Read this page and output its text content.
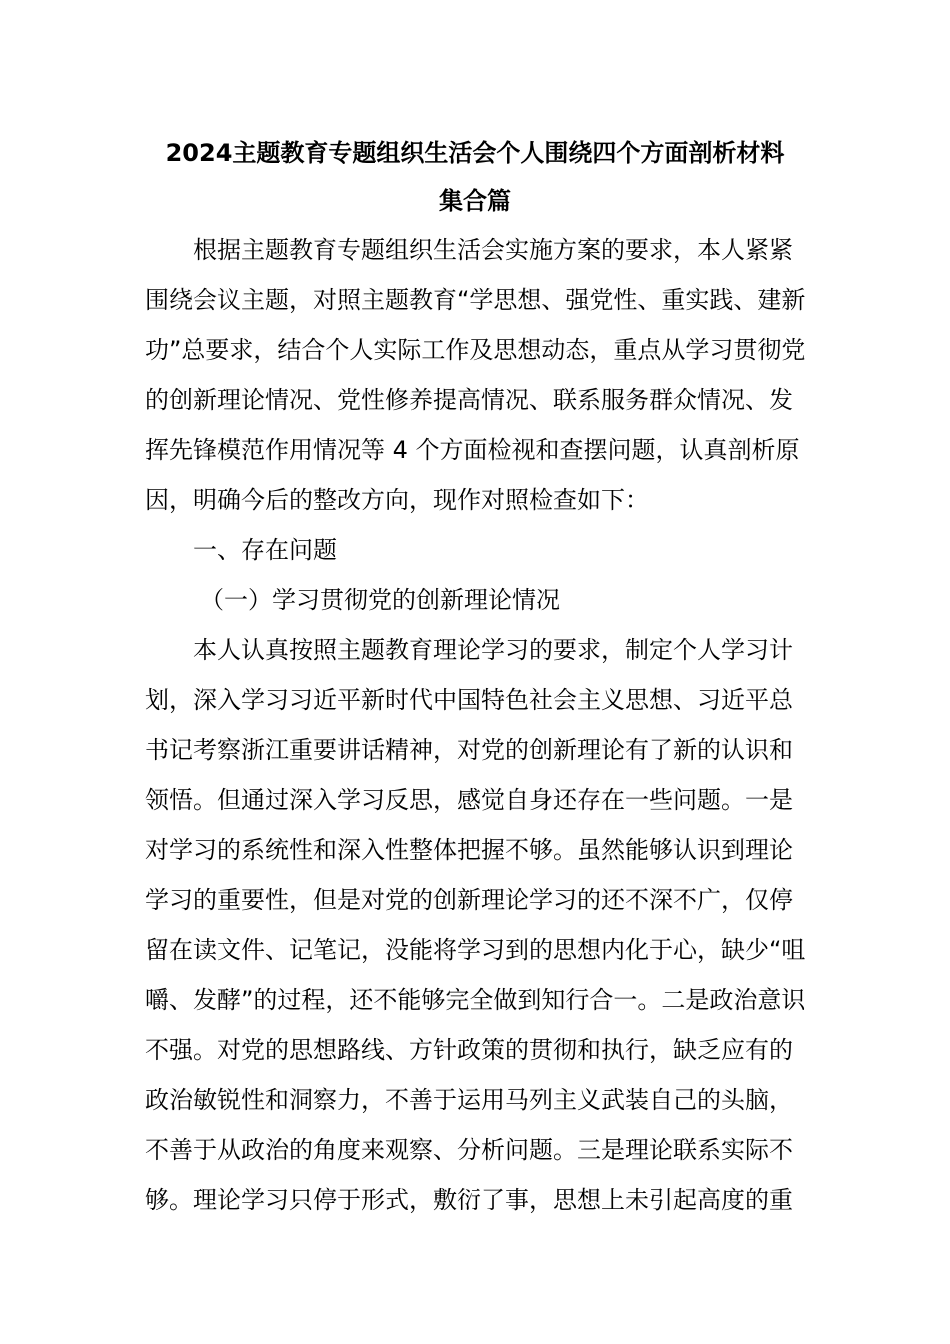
2024主题教育专题组织生活会个人围绕四个方面剖析材料
集合篇
根据主题教育专题组织生活会实施方案的要求，本人紧紧
围绕会议主题，对照主题教育“学思想、强党性、重实践、建新
功”总要求，结合个人实际工作及思想动态，重点从学习贯彻党
的创新理论情况、党性修养提高情况、联系服务群众情况、发
挥先锋模范作用情况等 4 个方面检视和查摆问题，认真剖析原
因，明确今后的整改方向，现作对照检查如下：
一、存在问题
（一）学习贯彻党的创新理论情况
本人认真按照主题教育理论学习的要求，制定个人学习计
划，深入学习习近平新时代中国特色社会主义思想、习近平总
书记考察浙江重要讲话精神，对党的创新理论有了新的认识和
领悟。但通过深入学习反思，感觉自身还存在一些问题。一是
对学习的系统性和深入性整体把握不够。虽然能够认识到理论
学习的重要性，但是对党的创新理论学习的还不深不广，仅停
留在读文件、记笔记，没能将学习到的思想内化于心，缺少“咀
嚼、发酵”的过程，还不能够完全做到知行合一。二是政治意识
不强。对党的思想路线、方针政策的贯彻和执行，缺乏应有的
政治敏锐性和洞察力，不善于运用马列主义武装自己的头脑，
不善于从政治的角度来观察、分析问题。三是理论联系实际不
够。理论学习只停于形式，敷衍了事，思想上未引起高度的重
